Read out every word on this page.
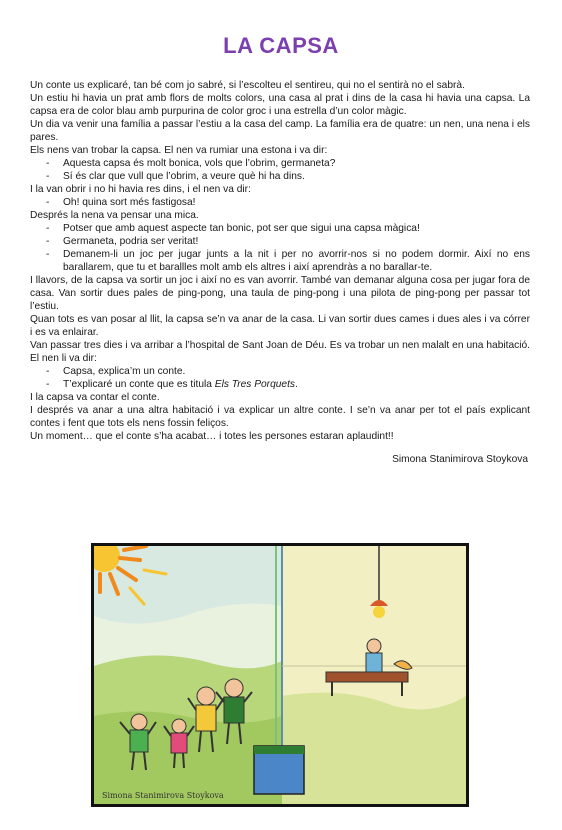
LA CAPSA

Un conte us explicaré, tan bé com jo sabré, si l’escolteu el sentireu, qui no el sentirà no el sabrà.

Un estiu hi havia un prat amb flors de molts colors, una casa al prat i dins de la casa hi havia una capsa. La capsa era de color blau amb purpurina de color groc i una estrella d’un color màgic.

Un dia va venir una família a passar l’estiu a la casa del camp. La família era de quatre: un nen, una nena i els pares.

Els nens van trobar la capsa. El nen va rumiar una estona i va dir:

- Aquesta capsa és molt bonica, vols que l’obrim, germaneta?
- Sí és clar que vull que l’obrim, a veure què hi ha dins.

I la van obrir i no hi havia res dins, i el nen va dir:

- Oh! quina sort més fastigosa!

Després la nena va pensar una mica.

- Potser que amb aquest aspecte tan bonic, pot ser que sigui una capsa màgica!
- Germaneta, podria ser veritat!
- Demanem-li un joc per jugar junts a la nit i per no avorrir-nos si no podem dormir. Així no ens barallarem, que tu et barallles molt amb els altres i així aprendràs a no barallar-te.

I llavors, de la capsa va sortir un joc i així no es van avorrir. També van demanar alguna cosa per jugar fora de casa. Van sortir dues pales de ping-pong, una taula de ping-pong i una pilota de ping-pong per passar tot l’estiu.

Quan tots es van posar al llit, la capsa se’n va anar de la casa. Li van sortir dues cames i dues ales i va córrer i es va enlairar.

Van passar tres dies i va arribar a l’hospital de Sant Joan de Déu. Es va trobar un nen malalt en una habitació. El nen li va dir:

- Capsa, explica’m un conte.
- T’explicaré un conte que es titula Els Tres Porquets.

I la capsa va contar el conte.

I després va anar a una altra habitació i va explicar un altre conte. I se’n va anar per tot el país explicant contes i fent que tots els nens fossin feliços.

Un moment… que el conte s’ha acabat… i totes les persones estaran aplaudint!!

Simona Stanimirova Stoykova
Simona Stanimirova Stoykova
